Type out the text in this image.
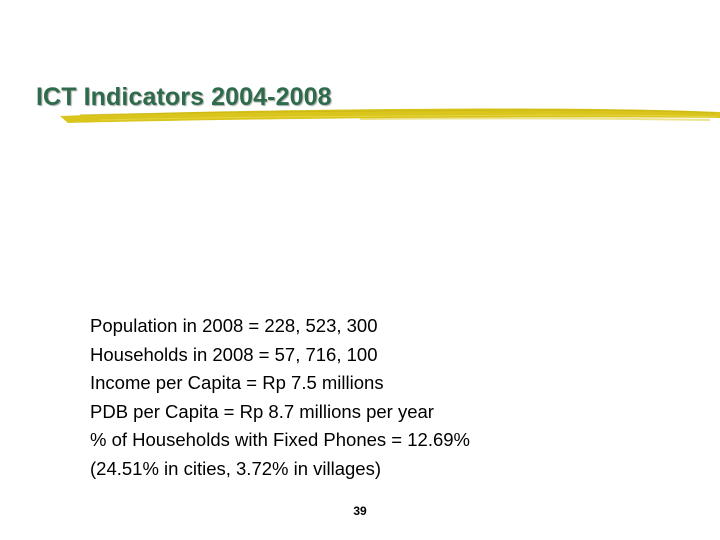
ICT Indicators 2004-2008
Population in 2008 = 228, 523, 300
Households in 2008 = 57, 716, 100
Income per Capita = Rp 7.5 millions
PDB per Capita = Rp 8.7 millions per year
% of Households with Fixed Phones = 12.69%
(24.51% in cities, 3.72% in villages)
39
